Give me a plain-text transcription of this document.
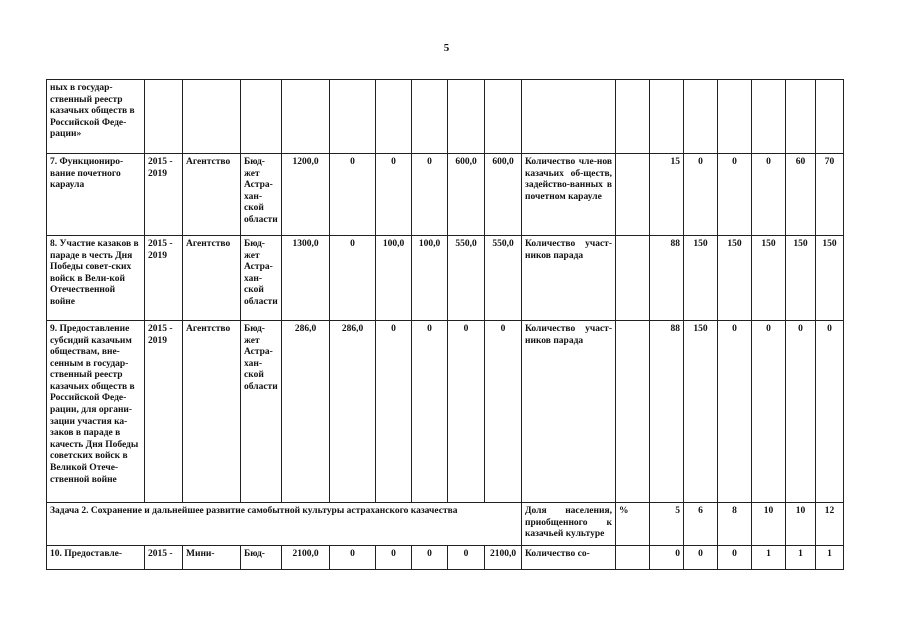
5
ных в государ-ственный реестр казачьих обществ в Российской Феде-рации»																	
7. Функциониро-вание почетного караула	2015 - 2019	Агентство	Бюд-жет Астра-хан-ской области	1200,0	0	0	0	600,0	600,0	Количество чле-нов казачьих об-ществ, задейство-ванных в почетном карауле		15	0	0	0	60	70
8. Участие казаков в параде в честь Дня Победы совет-ских войск в Вели-кой Отечественной войне	2015 - 2019	Агентство	Бюд-жет Астра-хан-ской области	1300,0	0	100,0	100,0	550,0	550,0	Количество участ-ников парада		88	150	150	150	150	150
9. Предоставление субсидий казачьим обществам, вне-сенным в государ-ственный реестр казачьих обществ в Российской Феде-рации, для органи-зации участия ка-заков в параде в качесть Дня Победы советских войск в Великой Отече-ственной войне	2015 - 2019	Агентство	Бюд-жет Астра-хан-ской области	286,0	286,0	0	0	0	0	Количество участ-ников парада		88	150	0	0	0	0
Задача 2. Сохранение и дальнейшее развитие самобытной культуры астраханского казачества										Доля населения, приобщенного к казачьей культуре	%	5	6	8	10	10	12
10. Предоставле-	2015 -	Мини-	Бюд-	2100,0	0	0	0	0	2100,0	Количество со-		0	0	0	1	1	1
